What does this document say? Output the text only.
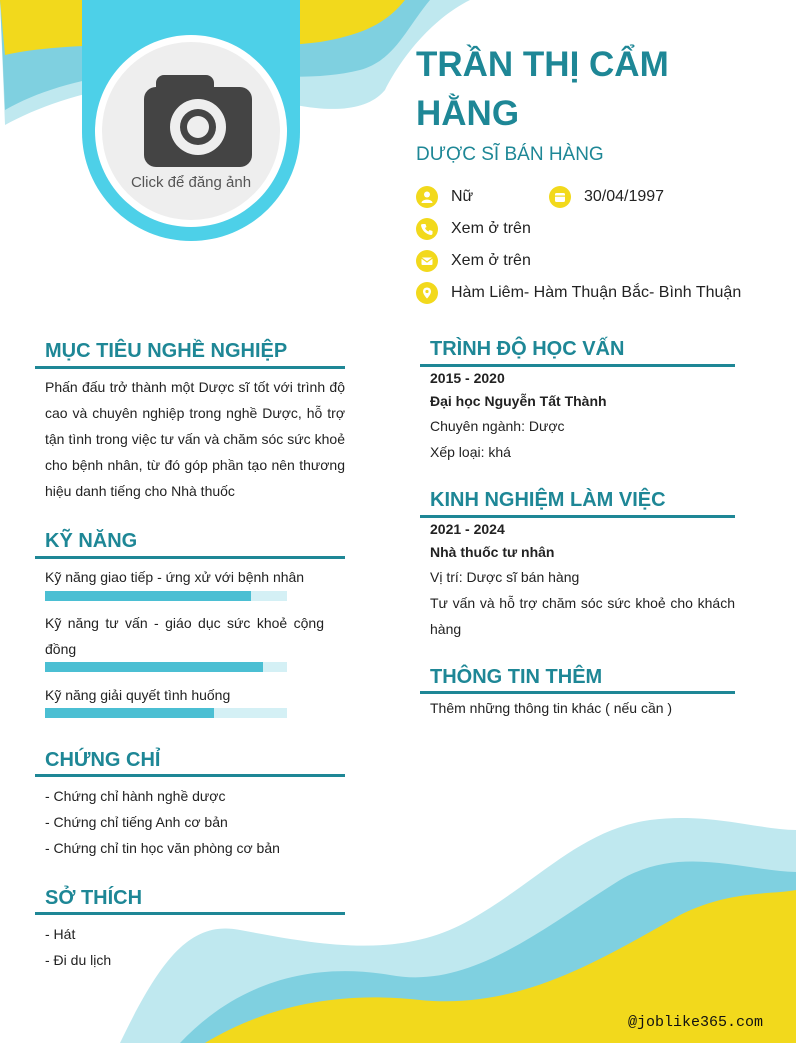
Click để đăng ảnh
TRẦN THỊ CẨM HẰNG
DƯỢC SĨ BÁN HÀNG
Nữ	30/04/1997
Xem ở trên
Xem ở trên
Hàm Liêm- Hàm Thuận Bắc- Bình Thuận
MỤC TIÊU NGHỀ NGHIỆP
Phấn đấu trở thành một Dược sĩ tốt với trình độ cao và chuyên nghiệp trong nghề Dược, hỗ trợ tận tình trong việc tư vấn và chăm sóc sức khoẻ cho bệnh nhân, từ đó góp phần tạo nên thương hiệu danh tiếng cho Nhà thuốc
KỸ NĂNG
Kỹ năng giao tiếp - ứng xử với bệnh nhân
Kỹ năng tư vấn - giáo dục sức khoẻ cộng đồng
Kỹ năng giải quyết tình huống
CHỨNG CHỈ
- Chứng chỉ hành nghề dược
- Chứng chỉ tiếng Anh cơ bản
- Chứng chỉ tin học văn phòng cơ bản
SỞ THÍCH
- Hát
- Đi du lịch
TRÌNH ĐỘ HỌC VẤN
2015 - 2020
Đại học Nguyễn Tất Thành
Chuyên ngành: Dược
Xếp loại: khá
KINH NGHIỆM LÀM VIỆC
2021 - 2024
Nhà thuốc tư nhân
Vị trí: Dược sĩ bán hàng
Tư vấn và hỗ trợ chăm sóc sức khoẻ cho khách hàng
THÔNG TIN THÊM
Thêm những thông tin khác ( nếu cần )
@joblike365.com
